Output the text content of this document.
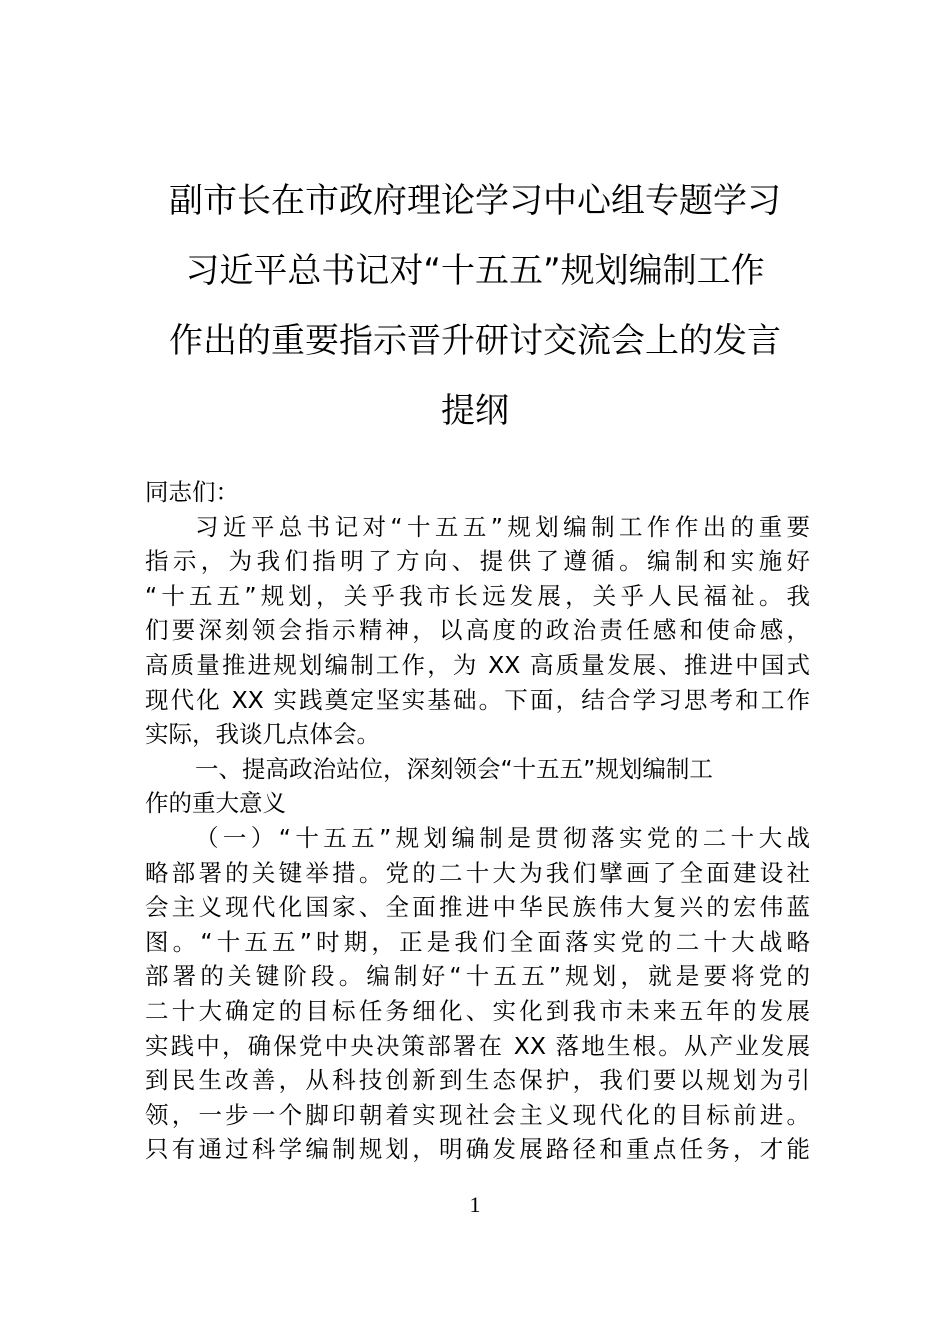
副市长在市政府理论学习中心组专题学习
习近平总书记对“十五五”规划编制工作
作出的重要指示晋升研讨交流会上的发言
提纲
同志们：
习近平总书记对“十五五”规划编制工作作出的重要
指示，为我们指明了方向、提供了遵循。编制和实施好
“十五五”规划，关乎我市长远发展，关乎人民福祉。我
们要深刻领会指示精神，以高度的政治责任感和使命感，
高质量推进规划编制工作，为 XX 高质量发展、推进中国式
现代化 XX 实践奠定坚实基础。下面，结合学习思考和工作
实际，我谈几点体会。
一、提高政治站位，深刻领会“十五五”规划编制工
作的重大意义
（一）“十五五”规划编制是贯彻落实党的二十大战
略部署的关键举措。党的二十大为我们擘画了全面建设社
会主义现代化国家、全面推进中华民族伟大复兴的宏伟蓝
图。“十五五”时期，正是我们全面落实党的二十大战略
部署的关键阶段。编制好“十五五”规划，就是要将党的
二十大确定的目标任务细化、实化到我市未来五年的发展
实践中，确保党中央决策部署在 XX 落地生根。从产业发展
到民生改善，从科技创新到生态保护，我们要以规划为引
领，一步一个脚印朝着实现社会主义现代化的目标前进。
只有通过科学编制规划，明确发展路径和重点任务，才能
1
